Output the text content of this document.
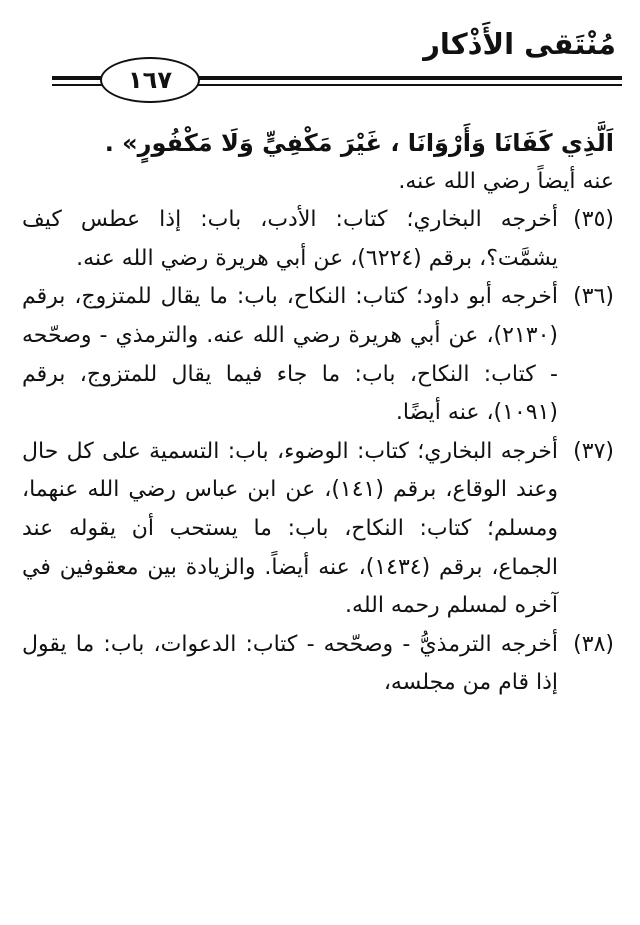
مُنْتَقى الأَذْكار
١٦٧

اَلَّذِي كَفَانَا وَأَرْوَانَا ، غَيْرَ مَكْفِيٍّ وَلَا مَكْفُورٍ» .

عنه أيضاً رضي الله عنه.

(٣٥)أخرجه البخاري؛ كتاب: الأدب، باب: إذا عطس كيف يشمَّت؟، برقم (٦٢٢٤)، عن أبي هريرة رضي الله عنه.

(٣٦)أخرجه أبو داود؛ كتاب: النكاح، باب: ما يقال للمتزوج، برقم (٢١٣٠)، عن أبي هريرة رضي الله عنه. والترمذي - وصحّحه - كتاب: النكاح، باب: ما جاء فيما يقال للمتزوج، برقم (١٠٩١)، عنه أيضًا.

(٣٧)أخرجه البخاري؛ كتاب: الوضوء، باب: التسمية على كل حال وعند الوقاع، برقم (١٤١)، عن ابن عباس رضي الله عنهما، ومسلم؛ كتاب: النكاح، باب: ما يستحب أن يقوله عند الجماع، برقم (١٤٣٤)، عنه أيضاً. والزيادة بين معقوفين في آخره لمسلم رحمه الله.

(٣٨)أخرجه الترمذيُّ - وصحّحه - كتاب: الدعوات، باب: ما يقول إذا قام من مجلسه،
